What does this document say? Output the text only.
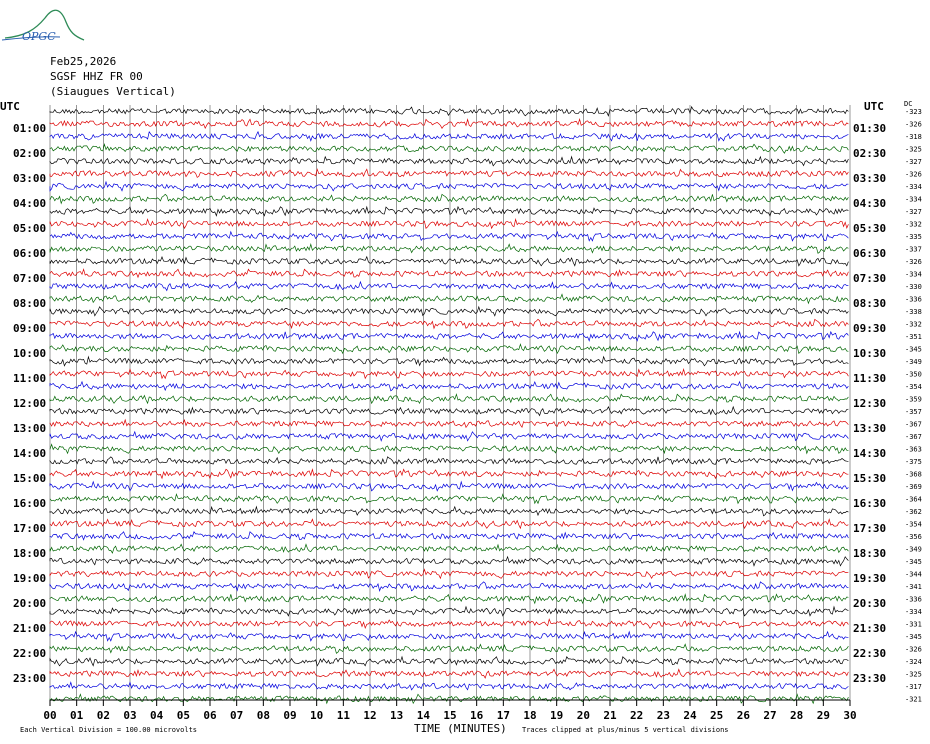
OPGC
Feb25,2026
SGSF HHZ FR 00
(Siaugues Vertical)
UTC	UTC	DC
01:00
02:00
03:00
04:00
05:00
06:00
07:00
08:00
09:00
10:00
11:00
12:00
13:00
14:00
15:00
16:00
17:00
18:00
19:00
20:00
21:00
22:00
23:00
01:30
02:30
03:30
04:30
05:30
06:30
07:30
08:30
09:30
10:30
11:30
12:30
13:30
14:30
15:30
16:30
17:30
18:30
19:30
20:30
21:30
22:30
23:30
-323
-326
-318
-325
-327
-326
-334
-334
-327
-332
-335
-337
-326
-334
-330
-336
-338
-332
-351
-345
-349
-350
-354
-359
-357
-367
-367
-363
-375
-368
-369
-364
-362
-354
-356
-349
-345
-344
-341
-336
-334
-331
-345
-326
-324
-325
-317
-321
00 01 02 03 04 05 06 07 08 09 10 11 12 13 14 15 16 17 18 19 20 21 22 23 24 25 26 27 28 29 30
TIME (MINUTES)
Each Vertical Division = 100.00 microvolts	Traces clipped at plus/minus 5 vertical divisions
